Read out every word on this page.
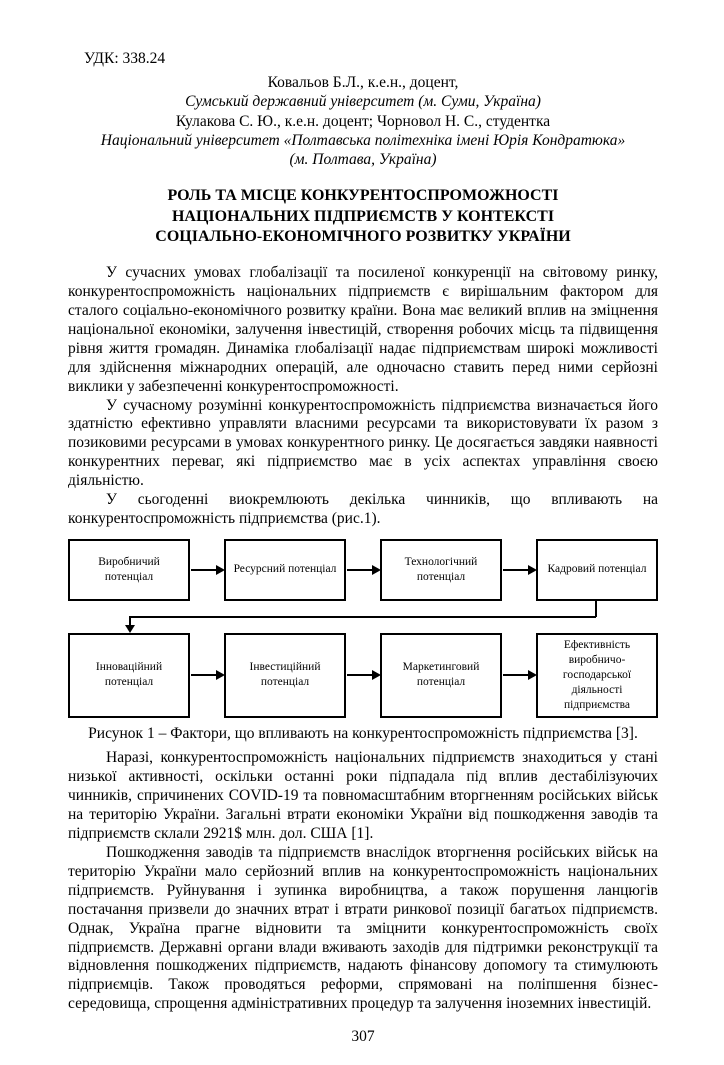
УДК: 338.24
Ковальов Б.Л., к.е.н., доцент,
Сумський державний університет (м. Суми, Україна)
Кулакова С. Ю., к.е.н. доцент; Чорновол Н. С., студентка
Національний університет «Полтавська політехніка імені Юрія Кондратюка»
(м. Полтава, Україна)
РОЛЬ ТА МІСЦЕ КОНКУРЕНТОСПРОМОЖНОСТІ
НАЦІОНАЛЬНИХ ПІДПРИЄМСТВ У КОНТЕКСТІ
СОЦІАЛЬНО-ЕКОНОМІЧНОГО РОЗВИТКУ УКРАЇНИ

У сучасних умовах глобалізації та посиленої конкуренції на світовому ринку, конкурентоспроможність національних підприємств є вирішальним фактором для сталого соціально-економічного розвитку країни. Вона має великий вплив на зміцнення національної економіки, залучення інвестицій, створення робочих місць та підвищення рівня життя громадян. Динаміка глобалізації надає підприємствам широкі можливості для здійснення міжнародних операцій, але одночасно ставить перед ними серйозні виклики у забезпеченні конкурентоспроможності.

У сучасному розумінні конкурентоспроможність підприємства визначається його здатністю ефективно управляти власними ресурсами та використовувати їх разом з позиковими ресурсами в умовах конкурентного ринку. Це досягається завдяки наявності конкурентних переваг, які підприємство має в усіх аспектах управління своєю діяльністю.

У сьогоденні виокремлюють декілька чинників, що впливають на конкурентоспроможність підприємства (рис.1).

Виробничий потенціал
Ресурсний потенціал
Технологічний потенціал
Кадровий потенціал
Інноваційний потенціал
Інвестиційний потенціал
Маркетинговий потенціал
Ефективність виробничо-господарської діяльності підприємства

Рисунок 1 – Фактори, що впливають на конкурентоспроможність підприємства [3].

Наразі, конкурентоспроможність національних підприємств знаходиться у стані низької активності, оскільки останні роки підпадала під вплив дестабілізуючих чинників, спричинених COVID-19 та повномасштабним вторгненням російських військ на територію України. Загальні втрати економіки України від пошкодження заводів та підприємств склали 2921$ млн. дол. США [1].

Пошкодження заводів та підприємств внаслідок вторгнення російських військ на територію України мало серйозний вплив на конкурентоспроможність національних підприємств. Руйнування і зупинка виробництва, а також порушення ланцюгів постачання призвели до значних втрат і втрати ринкової позиції багатьох підприємств. Однак, Україна прагне відновити та зміцнити конкурентоспроможність своїх підприємств. Державні органи влади вживають заходів для підтримки реконструкції та відновлення пошкоджених підприємств, надають фінансову допомогу та стимулюють підприємців. Також проводяться реформи, спрямовані на поліпшення бізнес-середовища, спрощення адміністративних процедур та залучення іноземних інвестицій.

307
